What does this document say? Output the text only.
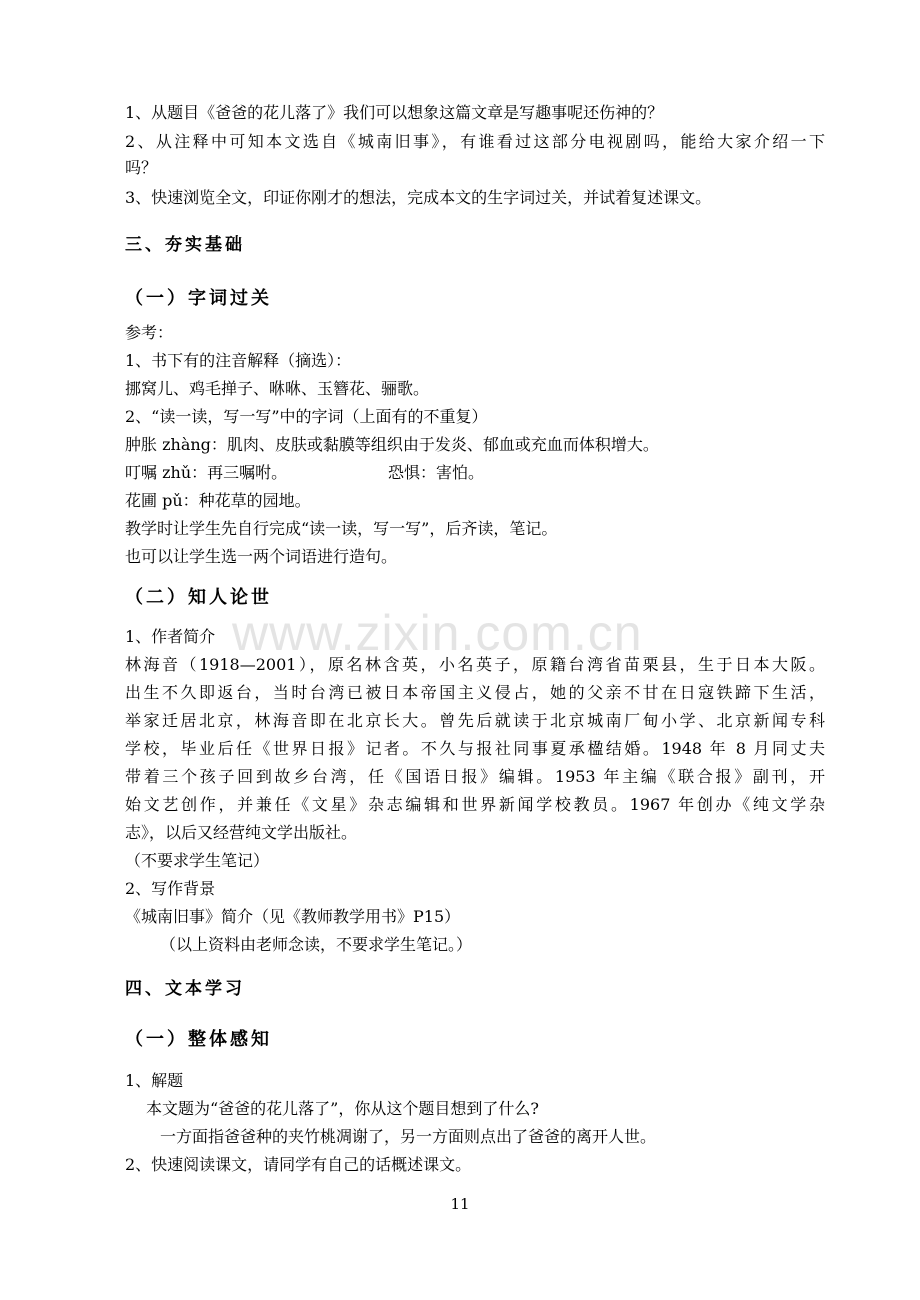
www.zixin.com.cn

1、从题目《爸爸的花儿落了》我们可以想象这篇文章是写趣事呢还伤神的？

2、从注释中可知本文选自《城南旧事》，有谁看过这部分电视剧吗，能给大家介绍一下

吗？

3、快速浏览全文，印证你刚才的想法，完成本文的生字词过关，并试着复述课文。

三、夯实基础
（一）字词过关

参考：

1、书下有的注音解释（摘选）：

挪窝儿、鸡毛掸子、咻咻、玉簪花、骊歌。

2、“读一读，写一写”中的字词（上面有的不重复）

肿胀 zhàng：肌肉、皮肤或黏膜等组织由于发炎、郁血或充血而体积增大。

叮嘱 zhǔ：再三嘱咐。	恐惧：害怕。

花圃 pǔ：种花草的园地。

教学时让学生先自行完成“读一读，写一写”，后齐读，笔记。

也可以让学生选一两个词语进行造句。

（二）知人论世

1、作者简介

林海音（1918—2001），原名林含英，小名英子，原籍台湾省苗栗县，生于日本大阪。

出生不久即返台，当时台湾已被日本帝国主义侵占，她的父亲不甘在日寇铁蹄下生活，

举家迁居北京，林海音即在北京长大。曾先后就读于北京城南厂甸小学、北京新闻专科

学校，毕业后任《世界日报》记者。不久与报社同事夏承楹结婚。1948 年 8 月同丈夫

带着三个孩子回到故乡台湾，任《国语日报》编辑。1953 年主编《联合报》副刊，开

始文艺创作，并兼任《文星》杂志编辑和世界新闻学校教员。1967 年创办《纯文学杂

志》，以后又经营纯文学出版社。

（不要求学生笔记）

2、写作背景

《城南旧事》简介（见《教师教学用书》P15）

（以上资料由老师念读，不要求学生笔记。）

四、文本学习
（一）整体感知

1、解题

本文题为“爸爸的花儿落了”，你从这个题目想到了什么?

一方面指爸爸种的夹竹桃凋谢了，另一方面则点出了爸爸的离开人世。

2、快速阅读课文，请同学有自己的话概述课文。

11
